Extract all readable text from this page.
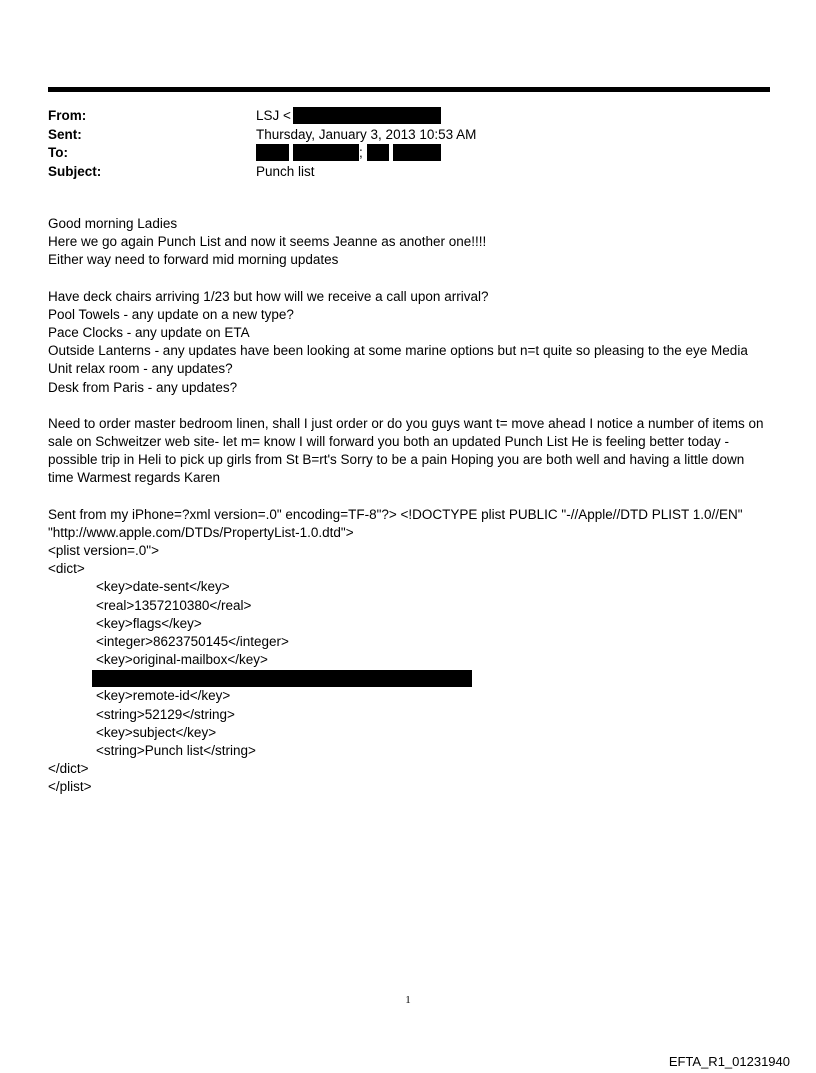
From:	LSJ <
Sent:	Thursday, January 3, 2013 10:53 AM
To:	;
Subject:	Punch list
Good morning Ladies
Here we go again Punch List and now it seems Jeanne as another one!!!!
Either way need to forward mid morning updates
Have deck chairs arriving 1/23 but how will we receive a call upon arrival?
Pool Towels - any update on a new type?
Pace Clocks - any update on ETA
Outside Lanterns - any updates have been looking at some marine options but n=t quite so pleasing to the eye Media
Unit relax room - any updates?
Desk from Paris - any updates?
Need to order master bedroom linen, shall I just order or do you guys want t= move ahead I notice a number of items on
sale on Schweitzer web site- let m= know I will forward you both an updated Punch List He is feeling better today -
possible trip in Heli to pick up girls from St B=rt's Sorry to be a pain Hoping you are both well and having a little down
time Warmest regards Karen
Sent from my iPhone=?xml version=.0" encoding=TF-8"?> <!DOCTYPE plist PUBLIC "-//Apple//DTD PLIST 1.0//EN"
"http://www.apple.com/DTDs/PropertyList-1.0.dtd">
<plist version=.0">
<dict>
<key>date-sent</key>
<real>1357210380</real>
<key>flags</key>
<integer>8623750145</integer>
<key>original-mailbox</key>
<key>remote-id</key>
<string>52129</string>
<key>subject</key>
<string>Punch list</string>
</dict>
</plist>
1
EFTA_R1_01231940
